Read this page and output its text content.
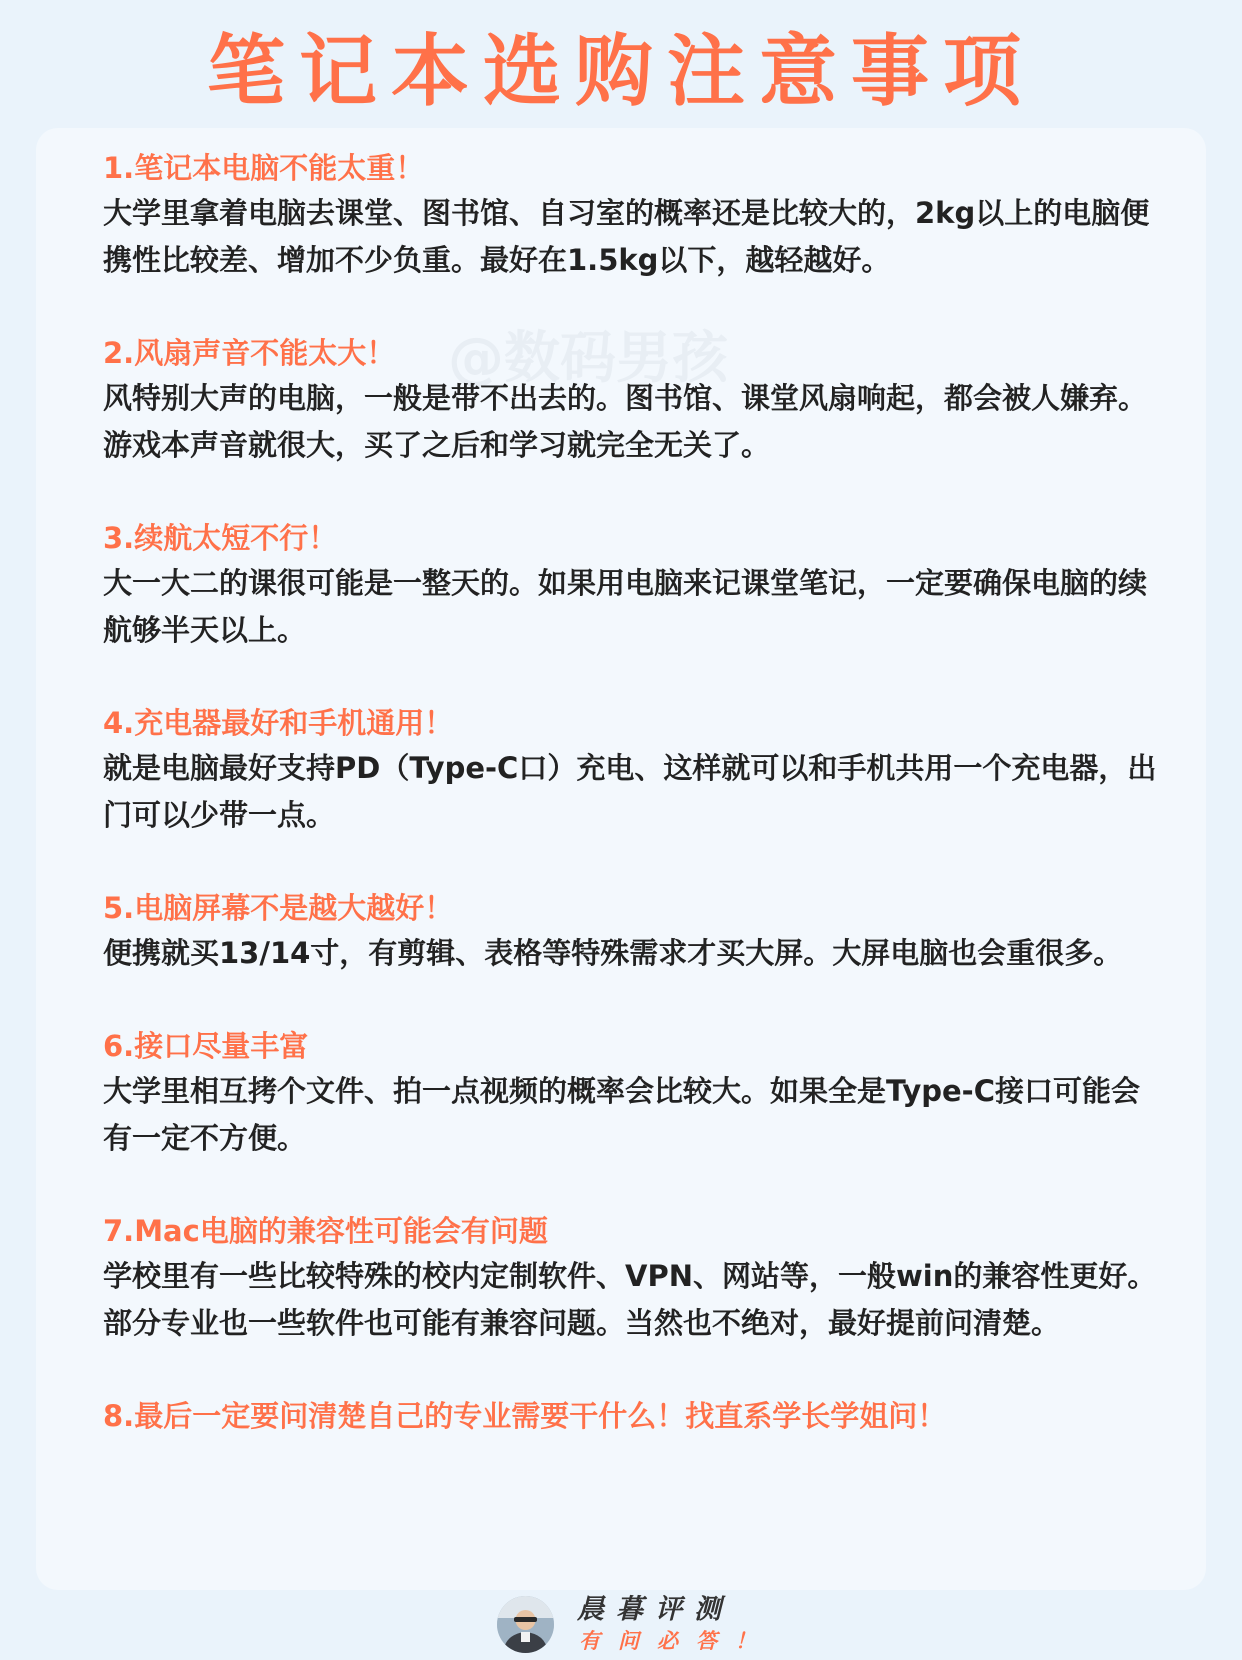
笔记本选购注意事项
@数码男孩
1.笔记本电脑不能太重！
大学里拿着电脑去课堂、图书馆、自习室的概率还是比较大的，2kg以上的电脑便携性比较差、增加不少负重。最好在1.5kg以下，越轻越好。
2.风扇声音不能太大！
风特别大声的电脑，一般是带不出去的。图书馆、课堂风扇响起，都会被人嫌弃。游戏本声音就很大，买了之后和学习就完全无关了。
3.续航太短不行！
大一大二的课很可能是一整天的。如果用电脑来记课堂笔记，一定要确保电脑的续航够半天以上。
4.充电器最好和手机通用！
就是电脑最好支持PD（Type-C口）充电、这样就可以和手机共用一个充电器，出门可以少带一点。
5.电脑屏幕不是越大越好！
便携就买13/14寸，有剪辑、表格等特殊需求才买大屏。大屏电脑也会重很多。
6.接口尽量丰富
大学里相互拷个文件、拍一点视频的概率会比较大。如果全是Type-C接口可能会有一定不方便。
7.Mac电脑的兼容性可能会有问题
学校里有一些比较特殊的校内定制软件、VPN、网站等，一般win的兼容性更好。部分专业也一些软件也可能有兼容问题。当然也不绝对，最好提前问清楚。
8.最后一定要问清楚自己的专业需要干什么！找直系学长学姐问！
晨暮评测
有问必答！
